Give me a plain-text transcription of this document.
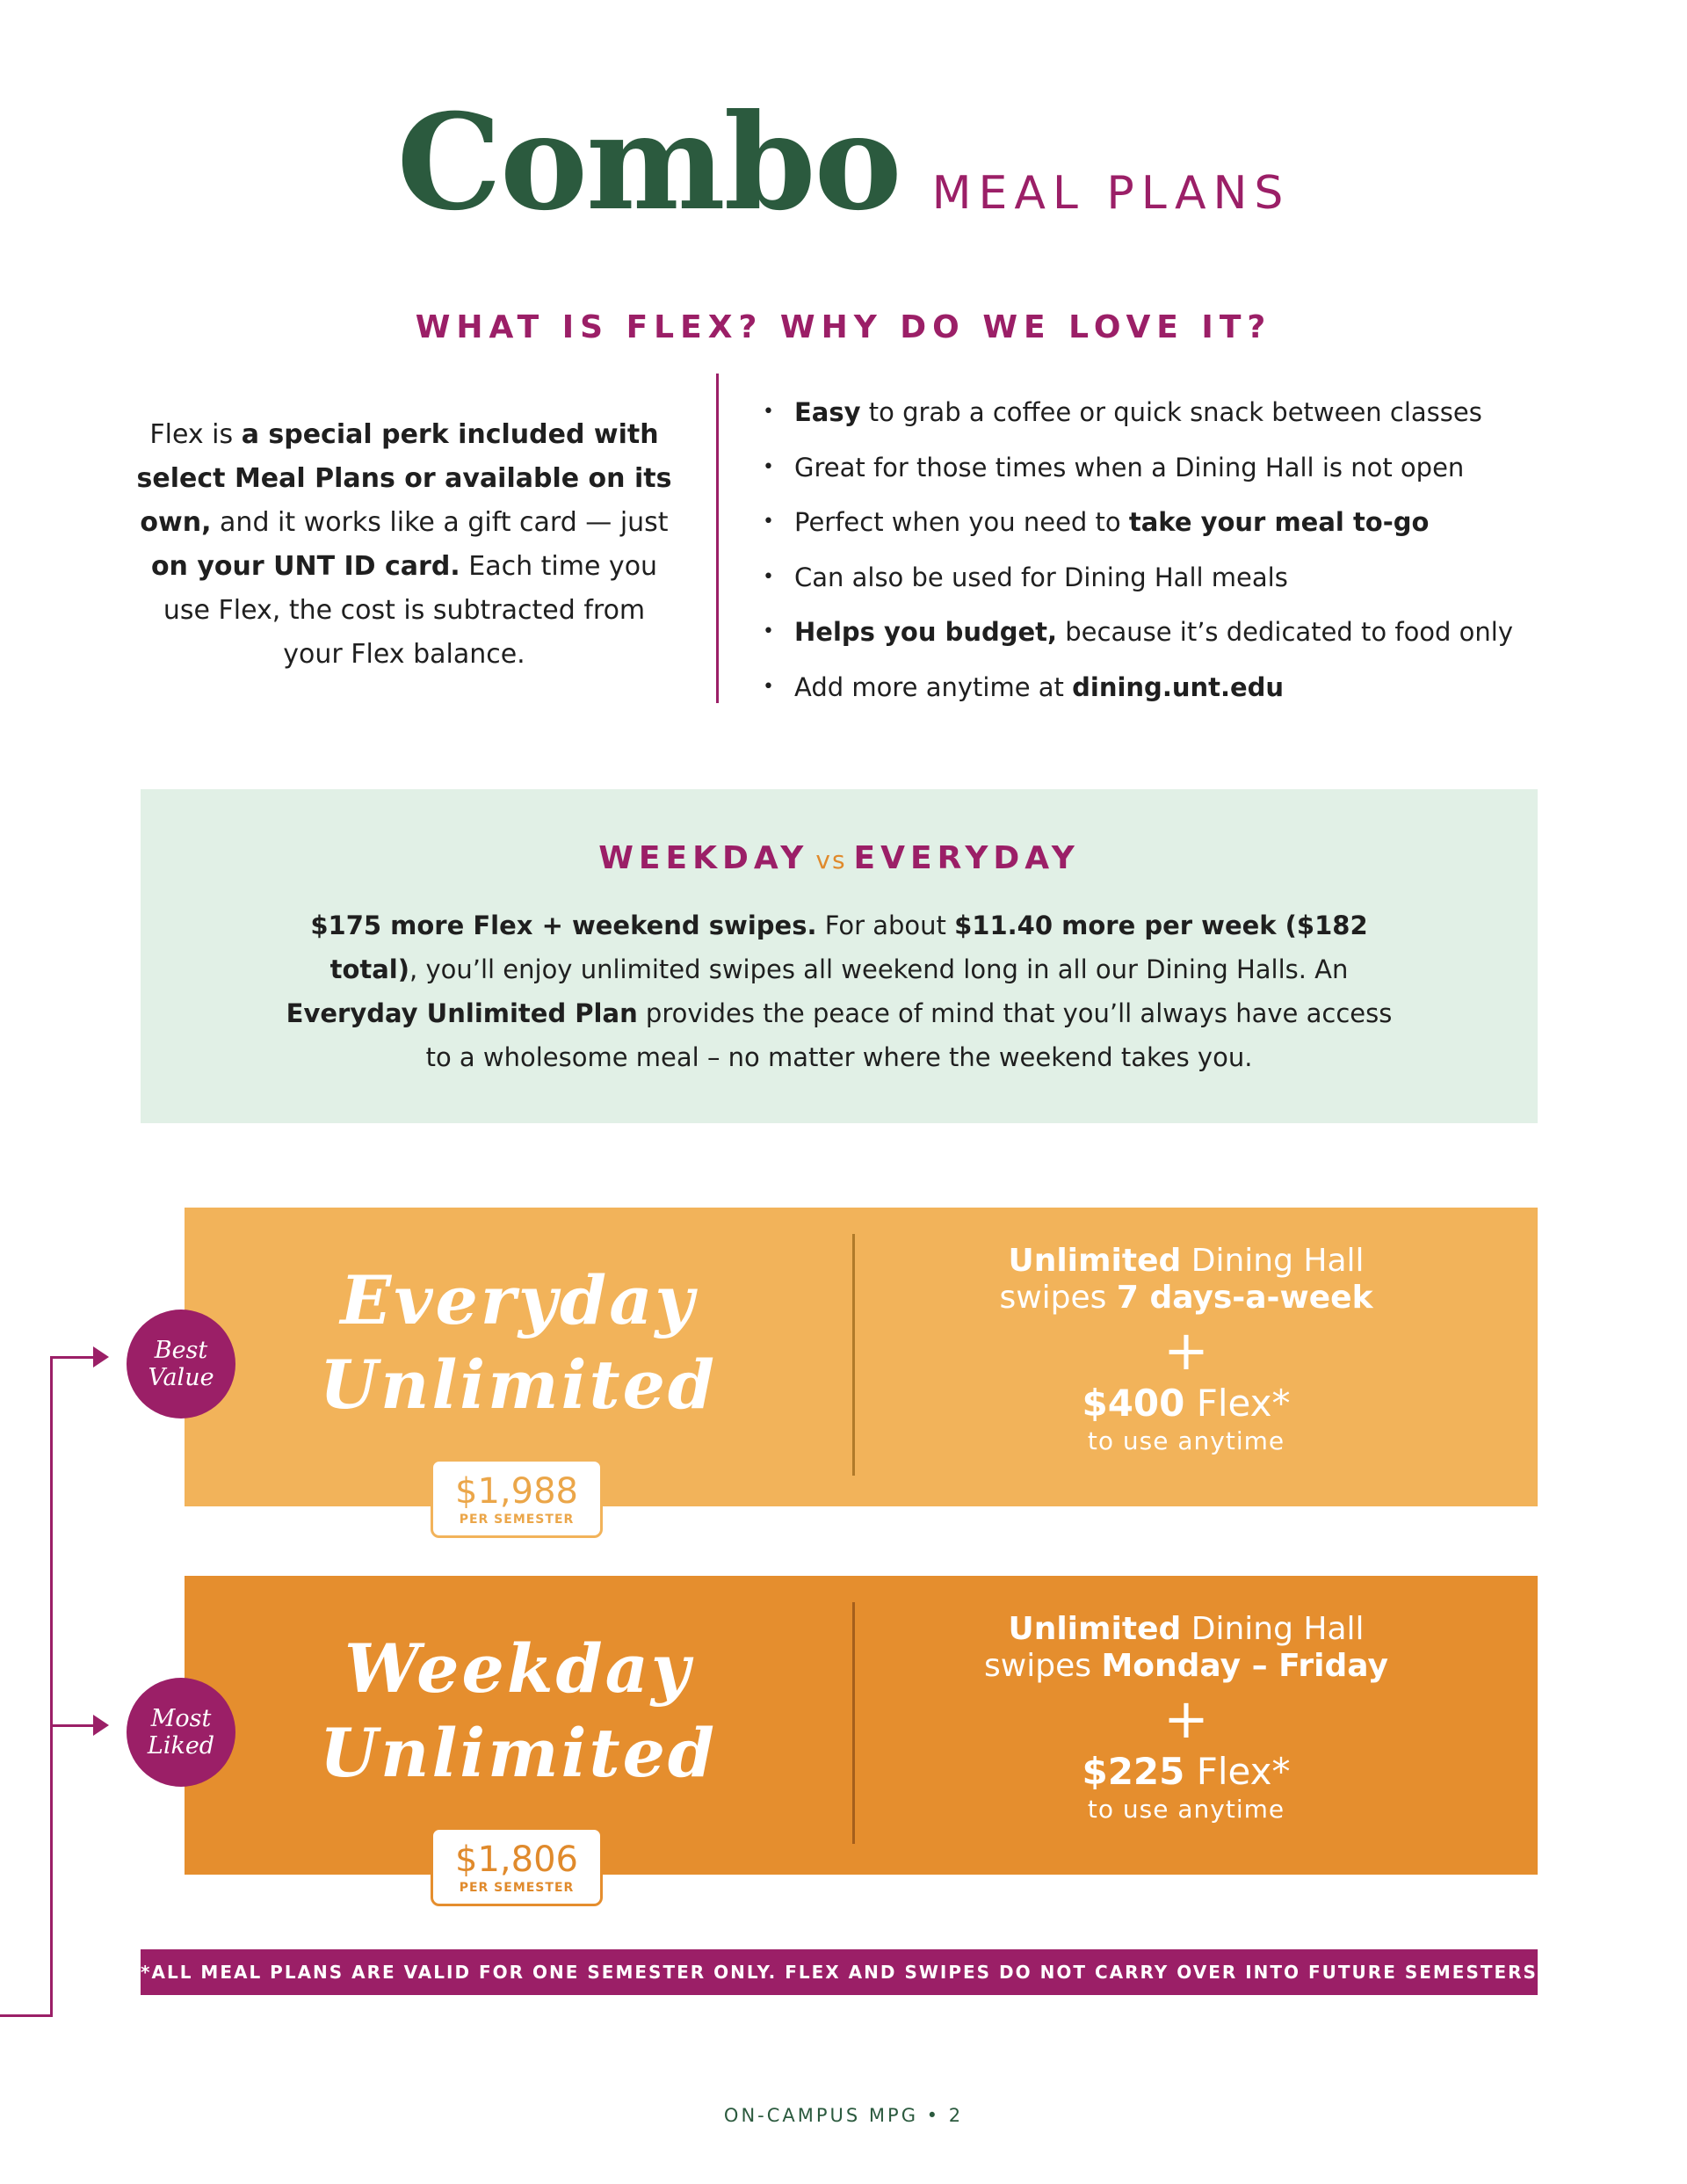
Combo MEAL PLANS
WHAT IS FLEX? WHY DO WE LOVE IT?
Flex is a special perk included with select Meal Plans or available on its own, and it works like a gift card — just on your UNT ID card. Each time you use Flex, the cost is subtracted from your Flex balance.
• Easy to grab a coffee or quick snack between classes
• Great for those times when a Dining Hall is not open
• Perfect when you need to take your meal to-go
• Can also be used for Dining Hall meals
• Helps you budget, because it’s dedicated to food only
• Add more anytime at dining.unt.edu
WEEKDAY vs EVERYDAY
$175 more Flex + weekend swipes. For about $11.40 more per week ($182 total), you’ll enjoy unlimited swipes all weekend long in all our Dining Halls. An Everyday Unlimited Plan provides the peace of mind that you’ll always have access to a wholesome meal – no matter where the weekend takes you.
Everyday
Unlimited
Unlimited Dining Hall
swipes 7 days-a-week
+
$400 Flex*
to use anytime
$1,988
PER SEMESTER
Weekday
Unlimited
Unlimited Dining Hall
swipes Monday – Friday
+
$225 Flex*
to use anytime
$1,806
PER SEMESTER
Best
Value
Most
Liked
*ALL MEAL PLANS ARE VALID FOR ONE SEMESTER ONLY. FLEX AND SWIPES DO NOT CARRY OVER INTO FUTURE SEMESTERS
ON-CAMPUS MPG • 2
